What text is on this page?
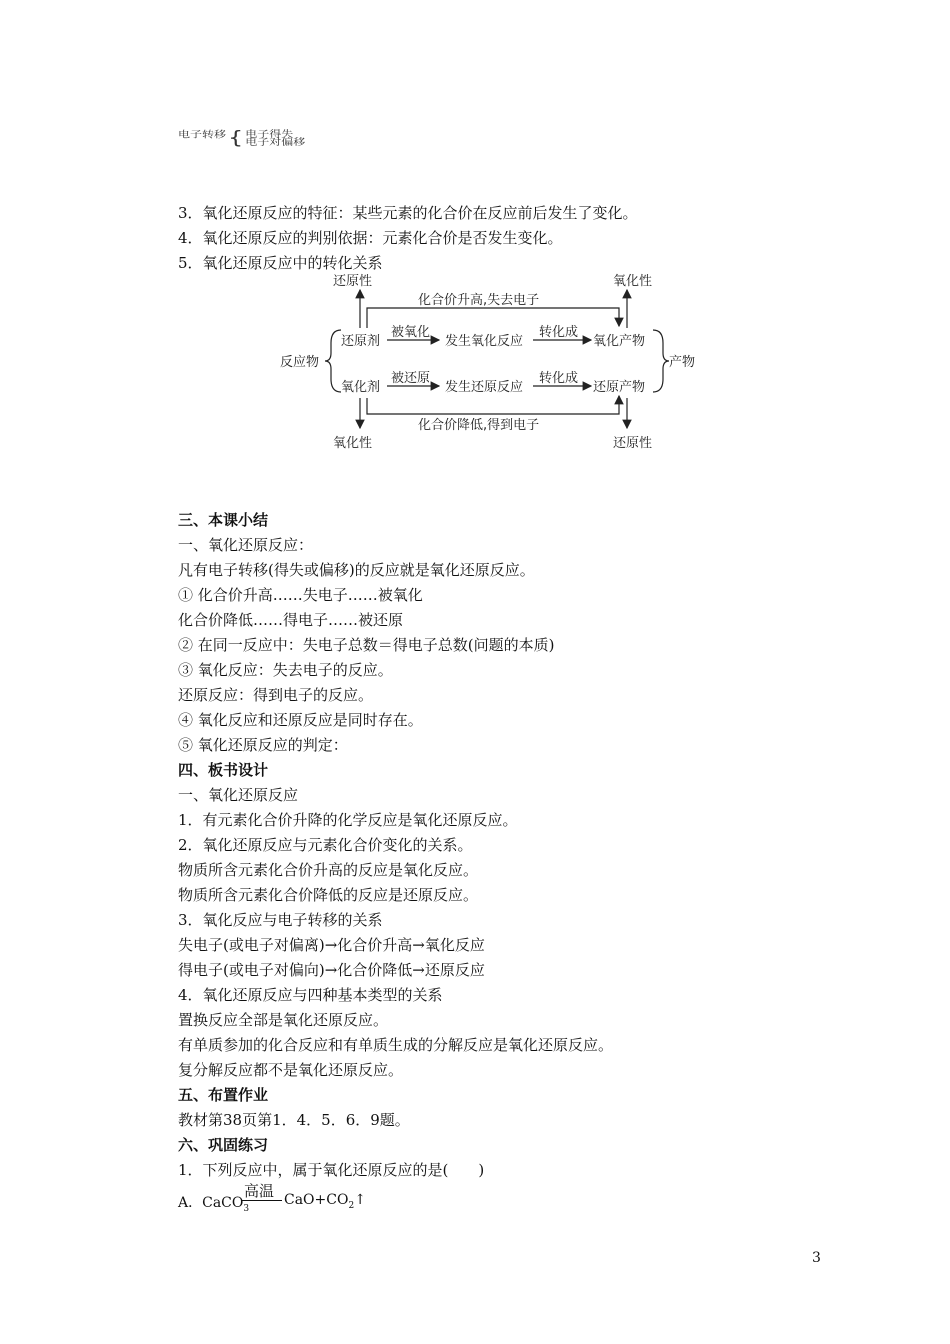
电子转移{ 电子得失
电子对偏移
3．氧化还原反应的特征：某些元素的化合价在反应前后发生了变化。
4．氧化还原反应的判别依据：元素化合价是否发生变化。
5．氧化还原反应中的转化关系
还原性	氧化性
化合价升高,失去电子
还原剂
被氧化
发生氧化反应
转化成
氧化产物
反应物	产物
氧化剂
被还原
发生还原反应
转化成
还原产物
化合价降低,得到电子
氧化性	还原性
三、本课小结
一、氧化还原反应：
凡有电子转移(得失或偏移)的反应就是氧化还原反应。
① 化合价升高……失电子……被氧化
化合价降低……得电子……被还原
② 在同一反应中：失电子总数＝得电子总数(问题的本质)
③ 氧化反应：失去电子的反应。
还原反应：得到电子的反应。
④ 氧化反应和还原反应是同时存在。
⑤ 氧化还原反应的判定：
四、板书设计
一、氧化还原反应
1．有元素化合价升降的化学反应是氧化还原反应。
2．氧化还原反应与元素化合价变化的关系。
物质所含元素化合价升高的反应是氧化反应。
物质所含元素化合价降低的反应是还原反应。
3．氧化反应与电子转移的关系
失电子(或电子对偏离)→化合价升高→氧化反应
得电子(或电子对偏向)→化合价降低→还原反应
4．氧化还原反应与四种基本类型的关系
置换反应全部是氧化还原反应。
有单质参加的化合反应和有单质生成的分解反应是氧化还原反应。
复分解反应都不是氧化还原反应。
五、布置作业
教材第38页第1．4．5．6．9题。
六、巩固练习
1．下列反应中，属于氧化还原反应的是(　　)
高温
A．CaCO$_3$
$CaO+CO_2↑$
3
